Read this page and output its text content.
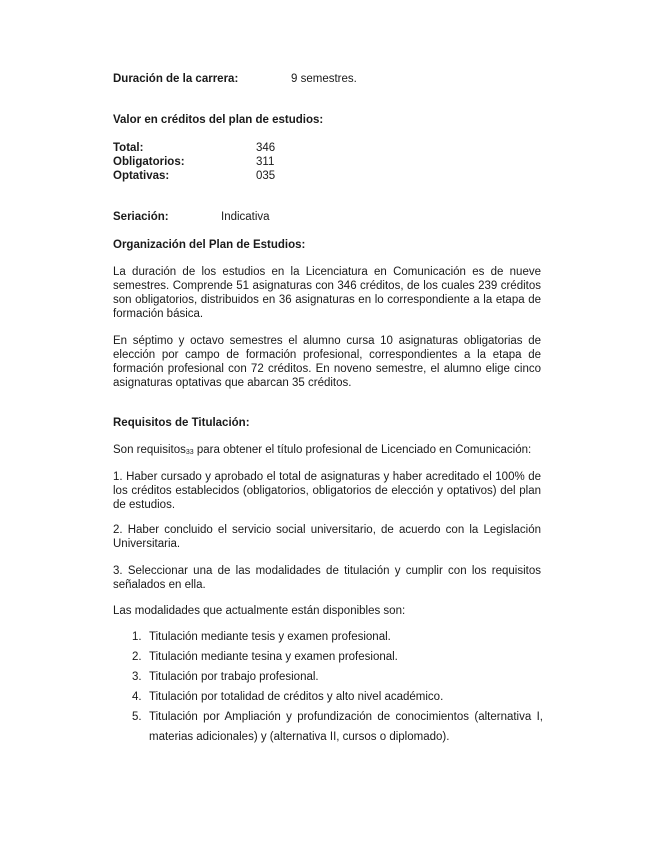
Duración de la carrera:	9 semestres.
Valor en créditos del plan de estudios:
Total:	346
Obligatorios:	311
Optativas:	035
Seriación:	Indicativa
Organización del Plan de Estudios:
La duración de los estudios en la Licenciatura en Comunicación es de nueve semestres. Comprende 51 asignaturas con 346 créditos, de los cuales 239 créditos son obligatorios, distribuidos en 36 asignaturas en lo correspondiente a la etapa de formación básica.
En séptimo y octavo semestres el alumno cursa 10 asignaturas obligatorias de elección por campo de formación profesional, correspondientes a la etapa de formación profesional con 72 créditos. En noveno semestre, el alumno elige cinco asignaturas optativas que abarcan 35 créditos.
Requisitos de Titulación:
Son requisitos33 para obtener el título profesional de Licenciado en Comunicación:
1. Haber cursado y aprobado el total de asignaturas y haber acreditado el 100% de los créditos establecidos (obligatorios, obligatorios de elección y optativos) del plan de estudios.
2. Haber concluido el servicio social universitario, de acuerdo con la Legislación Universitaria.
3. Seleccionar una de las modalidades de titulación y cumplir con los requisitos señalados en ella.
Las modalidades que actualmente están disponibles son:
1. Titulación mediante tesis y examen profesional.
2. Titulación mediante tesina y examen profesional.
3. Titulación por trabajo profesional.
4. Titulación por totalidad de créditos y alto nivel académico.
5. Titulación por Ampliación y profundización de conocimientos (alternativa I, materias adicionales) y (alternativa II, cursos o diplomado).
